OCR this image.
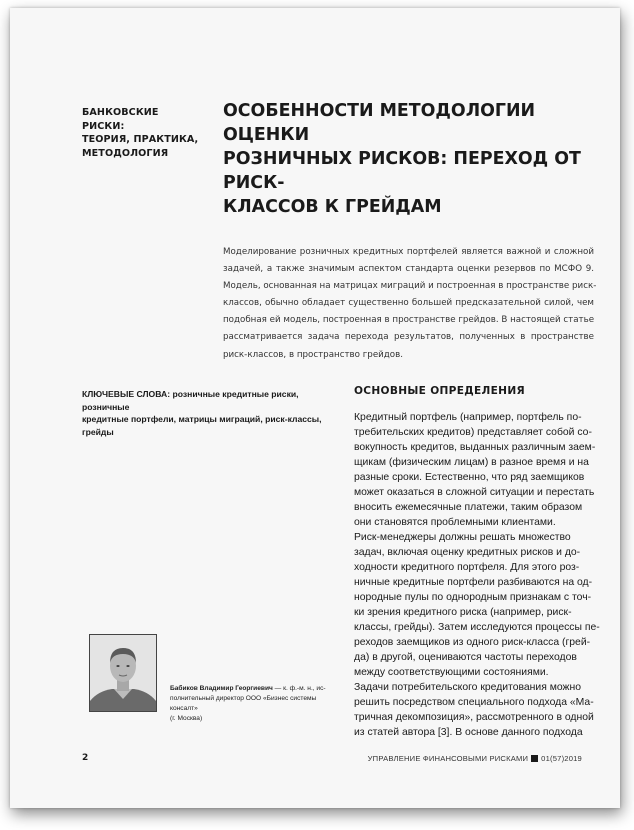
БАНКОВСКИЕ РИСКИ:
ТЕОРИЯ, ПРАКТИКА,
МЕТОДОЛОГИЯ
ОСОБЕННОСТИ МЕТОДОЛОГИИ ОЦЕНКИ
РОЗНИЧНЫХ РИСКОВ: ПЕРЕХОД ОТ РИСК-
КЛАССОВ К ГРЕЙДАМ
Моделирование розничных кредитных портфелей является важной и сложной
задачей, а также значимым аспектом стандарта оценки резервов по МСФО 9.
Модель, основанная на матрицах миграций и построенная в пространстве риск-
классов, обычно обладает существенно большей предсказательной силой, чем
подобная ей модель, построенная в пространстве грейдов. В настоящей статье
рассматривается задача перехода результатов, полученных в пространстве
риск-классов, в пространство грейдов.
КЛЮЧЕВЫЕ СЛОВА: розничные кредитные риски, розничные
кредитные портфели, матрицы миграций, риск-классы, грейды
ОСНОВНЫЕ ОПРЕДЕЛЕНИЯ

Кредитный портфель (например, портфель по-
требительских кредитов) представляет собой со-
вокупность кредитов, выданных различным заем-
щикам (физическим лицам) в разное время и на
разные сроки. Естественно, что ряд заемщиков
может оказаться в сложной ситуации и перестать
вносить ежемесячные платежи, таким образом
они становятся проблемными клиентами.

Риск-менеджеры должны решать множество
задач, включая оценку кредитных рисков и до-
ходности кредитного портфеля. Для этого роз-
ничные кредитные портфели разбиваются на од-
нородные пулы по однородным признакам с точ-
ки зрения кредитного риска (например, риск-
классы, грейды). Затем исследуются процессы пе-
реходов заемщиков из одного риск-класса (грей-
да) в другой, оцениваются частоты переходов
между соответствующими состояниями.

Задачи потребительского кредитования можно
решить посредством специального подхода «Ма-
тричная декомпозиция», рассмотренного в одной
из статей автора [3]. В основе данного подхода

Бабиков Владимир Георгиевич — к. ф.-м. н., ис-
полнительный директор ООО «Бизнес системы консалт»
(г. Москва)
2	УПРАВЛЕНИЕ ФИНАНСОВЫМИ РИСКАМИ 01(57)2019
